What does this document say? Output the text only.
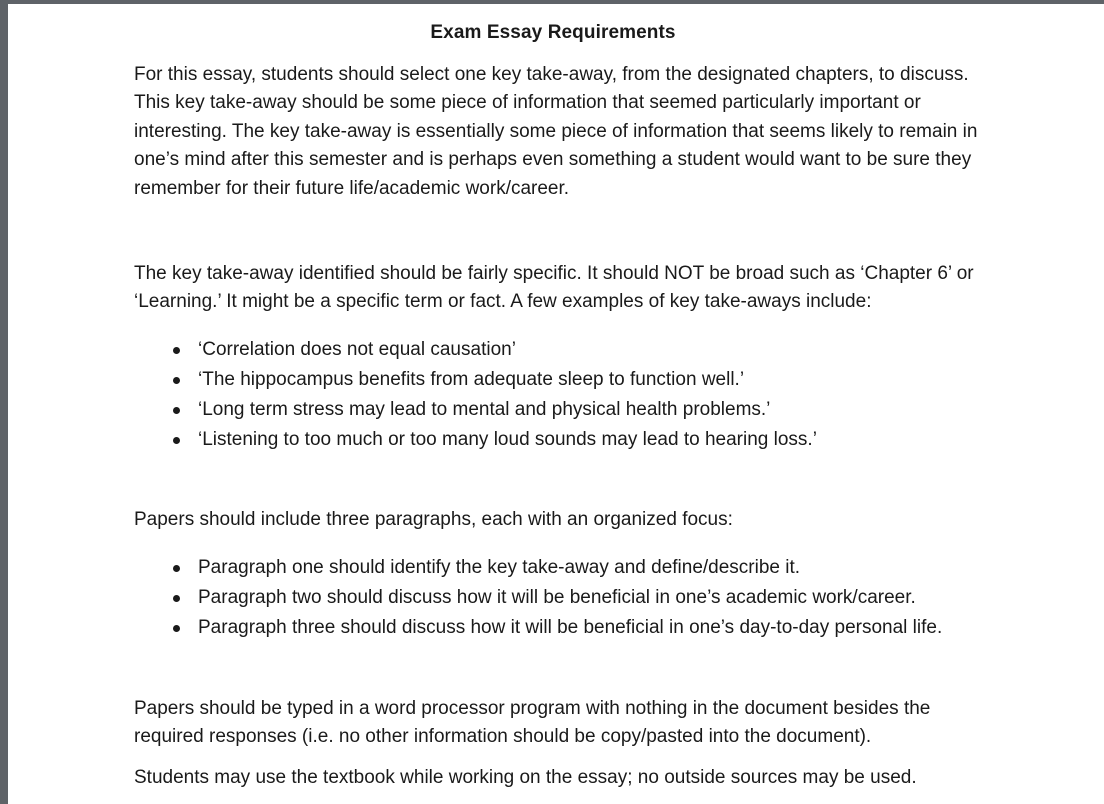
Exam Essay Requirements

For this essay, students should select one key take-away, from the designated chapters, to discuss. This key take-away should be some piece of information that seemed particularly important or interesting. The key take-away is essentially some piece of information that seems likely to remain in one’s mind after this semester and is perhaps even something a student would want to be sure they remember for their future life/academic work/career.

The key take-away identified should be fairly specific. It should NOT be broad such as ‘Chapter 6’ or ‘Learning.’ It might be a specific term or fact. A few examples of key take-aways include:

‘Correlation does not equal causation’
‘The hippocampus benefits from adequate sleep to function well.’
‘Long term stress may lead to mental and physical health problems.’
‘Listening to too much or too many loud sounds may lead to hearing loss.’

Papers should include three paragraphs, each with an organized focus:

Paragraph one should identify the key take-away and define/describe it.
Paragraph two should discuss how it will be beneficial in one’s academic work/career.
Paragraph three should discuss how it will be beneficial in one’s day-to-day personal life.

Papers should be typed in a word processor program with nothing in the document besides the required responses (i.e. no other information should be copy/pasted into the document).

Students may use the textbook while working on the essay; no outside sources may be used.
